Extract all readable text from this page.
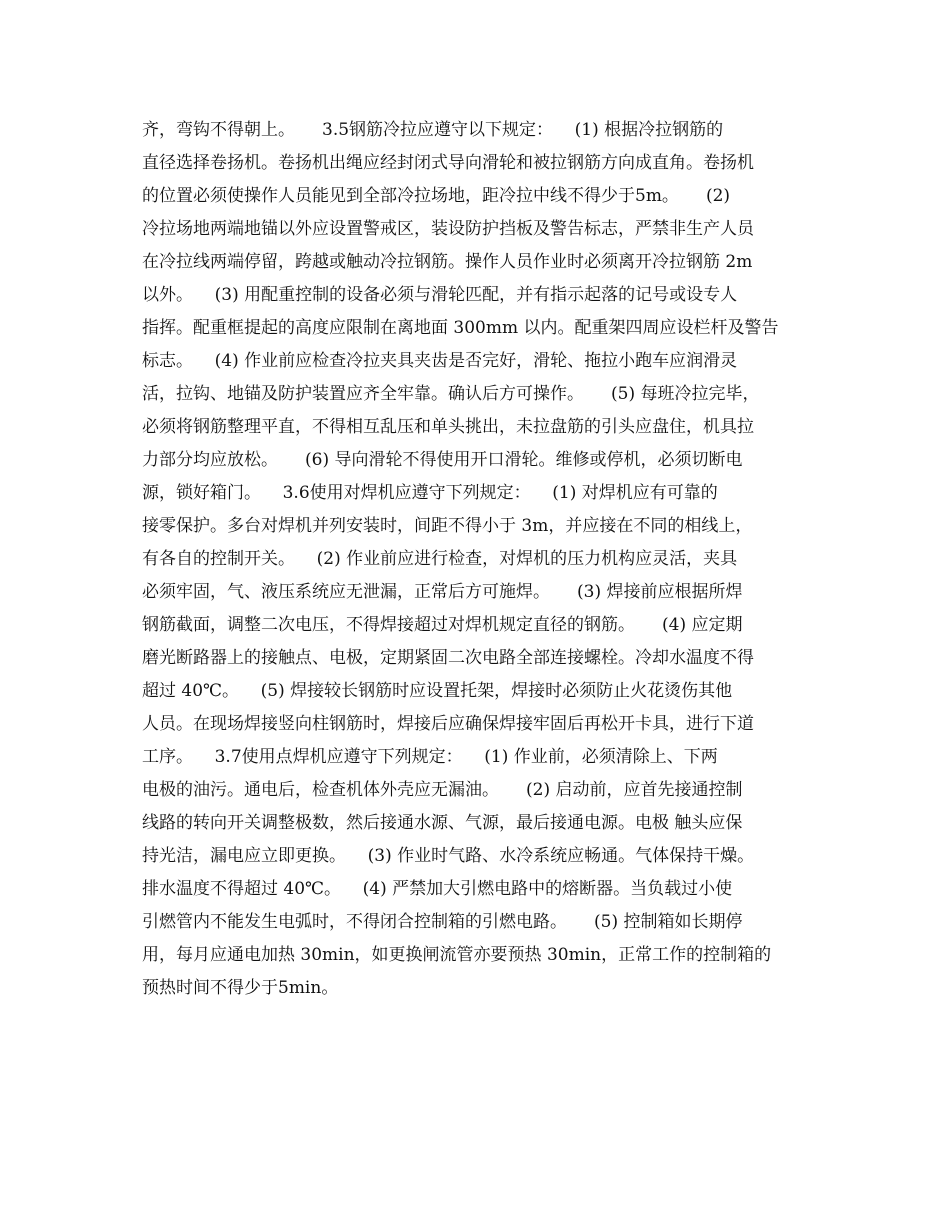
齐，弯钩不得朝上。     3.5钢筋冷拉应遵守以下规定：    (1) 根据冷拉钢筋的
直径选择卷扬机。卷扬机出绳应经封闭式导向滑轮和被拉钢筋方向成直角。卷扬机
的位置必须使操作人员能见到全部冷拉场地，距冷拉中线不得少于5m。     (2)
冷拉场地两端地锚以外应设置警戒区，装设防护挡板及警告标志，严禁非生产人员
在冷拉线两端停留，跨越或触动冷拉钢筋。操作人员作业时必须离开冷拉钢筋 2m
以外。    (3) 用配重控制的设备必须与滑轮匹配，并有指示起落的记号或设专人
指挥。配重框提起的高度应限制在离地面 300mm 以内。配重架四周应设栏杆及警告
标志。    (4) 作业前应检查冷拉夹具夹齿是否完好，滑轮、拖拉小跑车应润滑灵
活，拉钩、地锚及防护装置应齐全牢靠。确认后方可操作。     (5) 每班冷拉完毕，
必须将钢筋整理平直，不得相互乱压和单头挑出，未拉盘筋的引头应盘住，机具拉
力部分均应放松。     (6) 导向滑轮不得使用开口滑轮。维修或停机，必须切断电
源，锁好箱门。    3.6使用对焊机应遵守下列规定：    (1) 对焊机应有可靠的
接零保护。多台对焊机并列安装时，间距不得小于 3m，并应接在不同的相线上，
有各自的控制开关。    (2) 作业前应进行检查，对焊机的压力机构应灵活，夹具
必须牢固，气、液压系统应无泄漏，正常后方可施焊。     (3) 焊接前应根据所焊
钢筋截面，调整二次电压，不得焊接超过对焊机规定直径的钢筋。     (4) 应定期
磨光断路器上的接触点、电极，定期紧固二次电路全部连接螺栓。冷却水温度不得
超过 40℃。    (5) 焊接较长钢筋时应设置托架，焊接时必须防止火花烫伤其他
人员。在现场焊接竖向柱钢筋时，焊接后应确保焊接牢固后再松开卡具，进行下道
工序。    3.7使用点焊机应遵守下列规定：    (1) 作业前，必须清除上、下两
电极的油污。通电后，检查机体外壳应无漏油。     (2) 启动前，应首先接通控制
线路的转向开关调整极数，然后接通水源、气源，最后接通电源。电极 触头应保
持光洁，漏电应立即更换。    (3) 作业时气路、水冷系统应畅通。气体保持干燥。
排水温度不得超过 40℃。    (4) 严禁加大引燃电路中的熔断器。当负载过小使
引燃管内不能发生电弧时，不得闭合控制箱的引燃电路。     (5) 控制箱如长期停
用，每月应通电加热 30min，如更换闸流管亦要预热 30min，正常工作的控制箱的
预热时间不得少于5min。
